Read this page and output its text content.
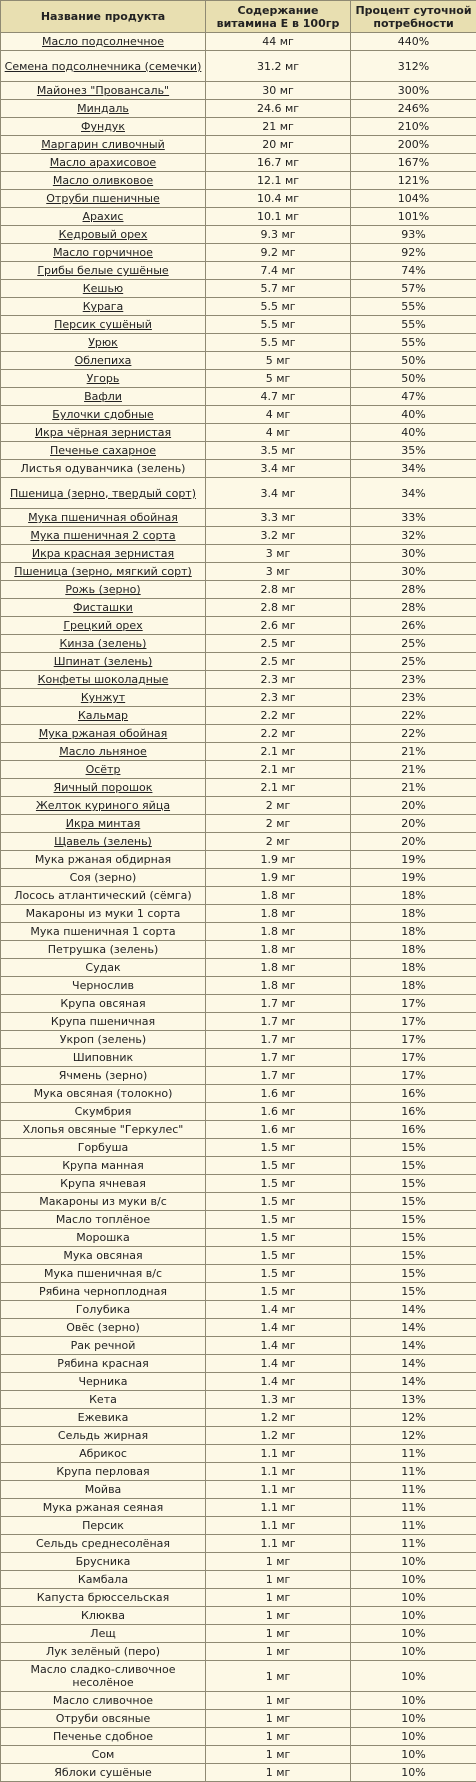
Название продукта	Содержание витамина Е в 100гр	Процент суточной потребности
Масло подсолнечное	44 мг	440%
Семена подсолнечника (семечки)	31.2 мг	312%
Майонез "Провансаль"	30 мг	300%
Миндаль	24.6 мг	246%
Фундук	21 мг	210%
Маргарин сливочный	20 мг	200%
Масло арахисовое	16.7 мг	167%
Масло оливковое	12.1 мг	121%
Отруби пшеничные	10.4 мг	104%
Арахис	10.1 мг	101%
Кедровый орех	9.3 мг	93%
Масло горчичное	9.2 мг	92%
Грибы белые сушёные	7.4 мг	74%
Кешью	5.7 мг	57%
Курага	5.5 мг	55%
Персик сушёный	5.5 мг	55%
Урюк	5.5 мг	55%
Облепиха	5 мг	50%
Угорь	5 мг	50%
Вафли	4.7 мг	47%
Булочки сдобные	4 мг	40%
Икра чёрная зернистая	4 мг	40%
Печенье сахарное	3.5 мг	35%
Листья одуванчика (зелень)	3.4 мг	34%
Пшеница (зерно, твердый сорт)	3.4 мг	34%
Мука пшеничная обойная	3.3 мг	33%
Мука пшеничная 2 сорта	3.2 мг	32%
Икра красная зернистая	3 мг	30%
Пшеница (зерно, мягкий сорт)	3 мг	30%
Рожь (зерно)	2.8 мг	28%
Фисташки	2.8 мг	28%
Грецкий орех	2.6 мг	26%
Кинза (зелень)	2.5 мг	25%
Шпинат (зелень)	2.5 мг	25%
Конфеты шоколадные	2.3 мг	23%
Кунжут	2.3 мг	23%
Кальмар	2.2 мг	22%
Мука ржаная обойная	2.2 мг	22%
Масло льняное	2.1 мг	21%
Осётр	2.1 мг	21%
Яичный порошок	2.1 мг	21%
Желток куриного яйца	2 мг	20%
Икра минтая	2 мг	20%
Щавель (зелень)	2 мг	20%
Мука ржаная обдирная	1.9 мг	19%
Соя (зерно)	1.9 мг	19%
Лосось атлантический (сёмга)	1.8 мг	18%
Макароны из муки 1 сорта	1.8 мг	18%
Мука пшеничная 1 сорта	1.8 мг	18%
Петрушка (зелень)	1.8 мг	18%
Судак	1.8 мг	18%
Чернослив	1.8 мг	18%
Крупа овсяная	1.7 мг	17%
Крупа пшеничная	1.7 мг	17%
Укроп (зелень)	1.7 мг	17%
Шиповник	1.7 мг	17%
Ячмень (зерно)	1.7 мг	17%
Мука овсяная (толокно)	1.6 мг	16%
Скумбрия	1.6 мг	16%
Хлопья овсяные "Геркулес"	1.6 мг	16%
Горбуша	1.5 мг	15%
Крупа манная	1.5 мг	15%
Крупа ячневая	1.5 мг	15%
Макароны из муки в/с	1.5 мг	15%
Масло топлёное	1.5 мг	15%
Морошка	1.5 мг	15%
Мука овсяная	1.5 мг	15%
Мука пшеничная в/с	1.5 мг	15%
Рябина черноплодная	1.5 мг	15%
Голубика	1.4 мг	14%
Овёс (зерно)	1.4 мг	14%
Рак речной	1.4 мг	14%
Рябина красная	1.4 мг	14%
Черника	1.4 мг	14%
Кета	1.3 мг	13%
Ежевика	1.2 мг	12%
Сельдь жирная	1.2 мг	12%
Абрикос	1.1 мг	11%
Крупа перловая	1.1 мг	11%
Мойва	1.1 мг	11%
Мука ржаная сеяная	1.1 мг	11%
Персик	1.1 мг	11%
Сельдь среднесолёная	1.1 мг	11%
Брусника	1 мг	10%
Камбала	1 мг	10%
Капуста брюссельская	1 мг	10%
Клюква	1 мг	10%
Лещ	1 мг	10%
Лук зелёный (перо)	1 мг	10%
Масло сладко-сливочное несолёное	1 мг	10%
Масло сливочное	1 мг	10%
Отруби овсяные	1 мг	10%
Печенье сдобное	1 мг	10%
Сом	1 мг	10%
Яблоки сушёные	1 мг	10%
